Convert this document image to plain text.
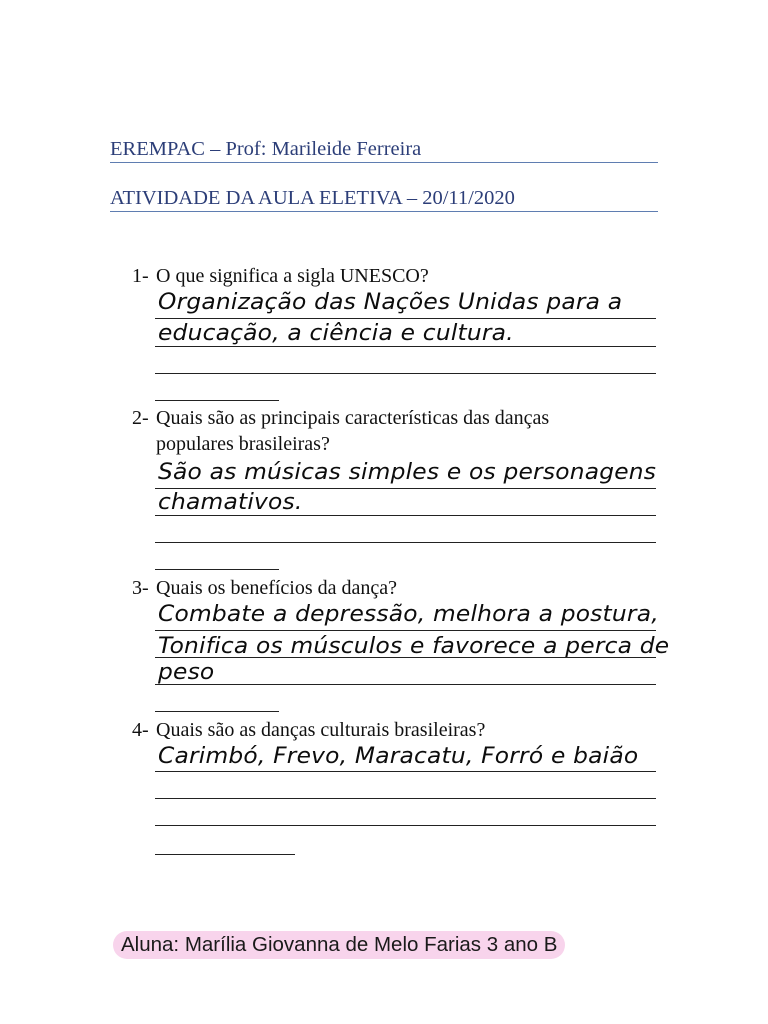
EREMPAC – Prof: Marileide Ferreira
ATIVIDADE DA AULA ELETIVA – 20/11/2020
1- O que significa a sigla UNESCO?
Organização das Nações Unidas para a
educação, a ciência e cultura.
2- Quais são as principais características das danças
populares brasileiras?
São as músicas simples e os personagens
chamativos.
3- Quais os benefícios da dança?
Combate a depressão, melhora a postura,
Tonifica os músculos e favorece a perca de
peso
4- Quais são as danças culturais brasileiras?
Carimbó, Frevo, Maracatu, Forró e baião
Aluna: Marília Giovanna de Melo Farias 3 ano B
